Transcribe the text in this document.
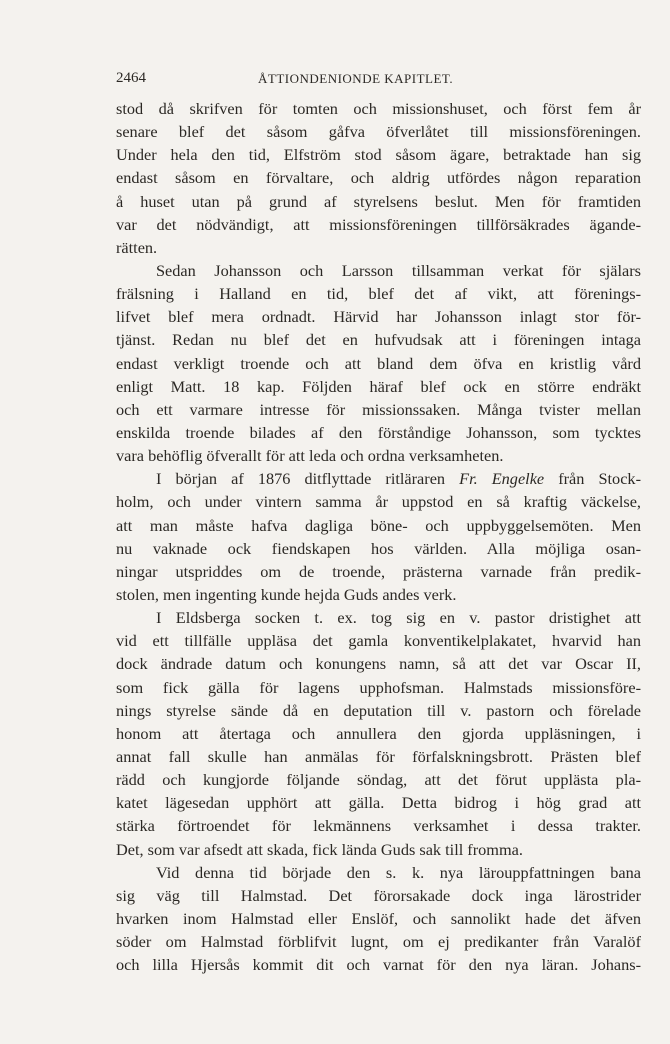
2464	ÅTTIONDENIONDE KAPITLET.
stod då skrifven för tomten och missionshuset, och först fem år
senare blef det såsom gåfva öfverlåtet till missionsföreningen.
Under hela den tid, Elfström stod såsom ägare, betraktade han sig
endast såsom en förvaltare, och aldrig utfördes någon reparation
å huset utan på grund af styrelsens beslut. Men för framtiden
var det nödvändigt, att missionsföreningen tillförsäkrades ägande-
rätten.
Sedan Johansson och Larsson tillsamman verkat för själars
frälsning i Halland en tid, blef det af vikt, att förenings-
lifvet blef mera ordnadt. Härvid har Johansson inlagt stor för-
tjänst. Redan nu blef det en hufvudsak att i föreningen intaga
endast verkligt troende och att bland dem öfva en kristlig vård
enligt Matt. 18 kap. Följden häraf blef ock en större endräkt
och ett varmare intresse för missionssaken. Många tvister mellan
enskilda troende bilades af den förståndige Johansson, som tycktes
vara behöflig öfverallt för att leda och ordna verksamheten.
I början af 1876 ditflyttade ritläraren Fr. Engelke från Stock-
holm, och under vintern samma år uppstod en så kraftig väckelse,
att man måste hafva dagliga böne- och uppbyggelsemöten. Men
nu vaknade ock fiendskapen hos världen. Alla möjliga osan-
ningar utspriddes om de troende, prästerna varnade från predik-
stolen, men ingenting kunde hejda Guds andes verk.
I Eldsberga socken t. ex. tog sig en v. pastor dristighet att
vid ett tillfälle uppläsa det gamla konventikelplakatet, hvarvid han
dock ändrade datum och konungens namn, så att det var Oscar II,
som fick gälla för lagens upphofsman. Halmstads missionsföre-
nings styrelse sände då en deputation till v. pastorn och förelade
honom att återtaga och annullera den gjorda uppläsningen, i
annat fall skulle han anmälas för förfalskningsbrott. Prästen blef
rädd och kungjorde följande söndag, att det förut upplästa pla-
katet lägesedan upphört att gälla. Detta bidrog i hög grad att
stärka förtroendet för lekmännens verksamhet i dessa trakter.
Det, som var afsedt att skada, fick lända Guds sak till fromma.
Vid denna tid började den s. k. nya lärouppfattningen bana
sig väg till Halmstad. Det förorsakade dock inga lärostrider
hvarken inom Halmstad eller Enslöf, och sannolikt hade det äfven
söder om Halmstad förblifvit lugnt, om ej predikanter från Varalöf
och lilla Hjersås kommit dit och varnat för den nya läran. Johans-
